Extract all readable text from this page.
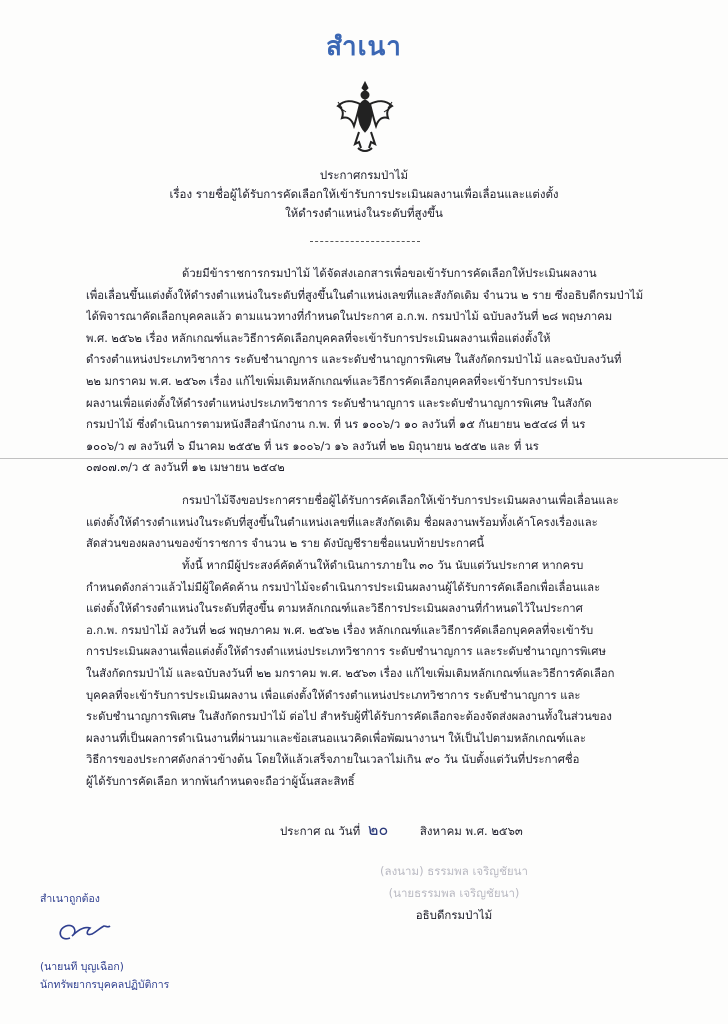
สำเนา
ประกาศกรมป่าไม้
เรื่อง รายชื่อผู้ได้รับการคัดเลือกให้เข้ารับการประเมินผลงานเพื่อเลื่อนและแต่งตั้ง
ให้ดำรงตำแหน่งในระดับที่สูงขึ้น
ด้วยมีข้าราชการกรมป่าไม้ ได้จัดส่งเอกสารเพื่อขอเข้ารับการคัดเลือกให้ประเมินผลงาน
เพื่อเลื่อนขึ้นแต่งตั้งให้ดำรงตำแหน่งในระดับที่สูงขึ้นในตำแหน่งเลขที่และสังกัดเดิม จำนวน ๒ ราย ซึ่งอธิบดีกรมป่าไม้
ได้พิจารณาคัดเลือกบุคคลแล้ว ตามแนวทางที่กำหนดในประกาศ อ.ก.พ. กรมป่าไม้ ฉบับลงวันที่ ๒๘ พฤษภาคม
พ.ศ. ๒๕๖๒ เรื่อง หลักเกณฑ์และวิธีการคัดเลือกบุคคลที่จะเข้ารับการประเมินผลงานเพื่อแต่งตั้งให้
ดำรงตำแหน่งประเภทวิชาการ ระดับชำนาญการ และระดับชำนาญการพิเศษ ในสังกัดกรมป่าไม้ และฉบับลงวันที่
๒๒ มกราคม พ.ศ. ๒๕๖๓ เรื่อง แก้ไขเพิ่มเติมหลักเกณฑ์และวิธีการคัดเลือกบุคคลที่จะเข้ารับการประเมิน
ผลงานเพื่อแต่งตั้งให้ดำรงตำแหน่งประเภทวิชาการ ระดับชำนาญการ และระดับชำนาญการพิเศษ ในสังกัด
กรมป่าไม้ ซึ่งดำเนินการตามหนังสือสำนักงาน ก.พ. ที่ นร ๑๐๐๖/ว ๑๐ ลงวันที่ ๑๕ กันยายน ๒๕๔๘ ที่ นร
๑๐๐๖/ว ๗ ลงวันที่ ๖ มีนาคม ๒๕๕๒ ที่ นร ๑๐๐๖/ว ๑๖ ลงวันที่ ๒๒ มิถุนายน ๒๕๕๒ และ ที่ นร
๐๗๐๗.๓/ว ๕ ลงวันที่ ๑๒ เมษายน ๒๕๔๒
กรมป่าไม้จึงขอประกาศรายชื่อผู้ได้รับการคัดเลือกให้เข้ารับการประเมินผลงานเพื่อเลื่อนและ
แต่งตั้งให้ดำรงตำแหน่งในระดับที่สูงขึ้นในตำแหน่งเลขที่และสังกัดเดิม ชื่อผลงานพร้อมทั้งเค้าโครงเรื่องและ
สัดส่วนของผลงานของข้าราชการ จำนวน ๒ ราย ดังบัญชีรายชื่อแนบท้ายประกาศนี้
ทั้งนี้ หากมีผู้ประสงค์คัดค้านให้ดำเนินการภายใน ๓๐ วัน นับแต่วันประกาศ หากครบ
กำหนดดังกล่าวแล้วไม่มีผู้ใดคัดค้าน กรมป่าไม้จะดำเนินการประเมินผลงานผู้ได้รับการคัดเลือกเพื่อเลื่อนและ
แต่งตั้งให้ดำรงตำแหน่งในระดับที่สูงขึ้น ตามหลักเกณฑ์และวิธีการประเมินผลงานที่กำหนดไว้ในประกาศ
อ.ก.พ. กรมป่าไม้ ลงวันที่ ๒๘ พฤษภาคม พ.ศ. ๒๕๖๒ เรื่อง หลักเกณฑ์และวิธีการคัดเลือกบุคคลที่จะเข้ารับ
การประเมินผลงานเพื่อแต่งตั้งให้ดำรงตำแหน่งประเภทวิชาการ ระดับชำนาญการ และระดับชำนาญการพิเศษ
ในสังกัดกรมป่าไม้ และฉบับลงวันที่ ๒๒ มกราคม พ.ศ. ๒๕๖๓ เรื่อง แก้ไขเพิ่มเติมหลักเกณฑ์และวิธีการคัดเลือก
บุคคลที่จะเข้ารับการประเมินผลงาน เพื่อแต่งตั้งให้ดำรงตำแหน่งประเภทวิชาการ ระดับชำนาญการ และ
ระดับชำนาญการพิเศษ ในสังกัดกรมป่าไม้ ต่อไป สำหรับผู้ที่ได้รับการคัดเลือกจะต้องจัดส่งผลงานทั้งในส่วนของ
ผลงานที่เป็นผลการดำเนินงานที่ผ่านมาและข้อเสนอแนวคิดเพื่อพัฒนางานฯ ให้เป็นไปตามหลักเกณฑ์และ
วิธีการของประกาศดังกล่าวข้างต้น โดยให้แล้วเสร็จภายในเวลาไม่เกิน ๙๐ วัน นับตั้งแต่วันที่ประกาศชื่อ
ผู้ได้รับการคัดเลือก หากพ้นกำหนดจะถือว่าผู้นั้นสละสิทธิ์
ประกาศ ณ วันที่ ๒๐	สิงหาคม พ.ศ. ๒๕๖๓
(ลงนาม) ธรรมพล เจริญชัยนา
(นายธรรมพล เจริญชัยนา)
อธิบดีกรมป่าไม้
สำเนาถูกต้อง
(นายนที บุญเฉือก)
นักทรัพยากรบุคคลปฏิบัติการ
